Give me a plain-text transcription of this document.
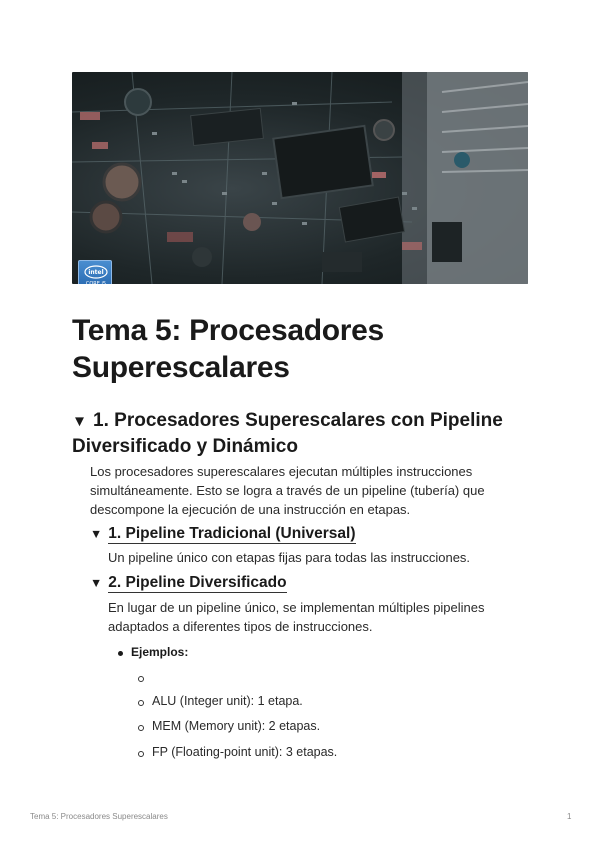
intel
CORE i5
inside
Tema 5: Procesadores
Superescalares
▼ 1. Procesadores Superescalares con Pipeline
Diversificado y Dinámico

Los procesadores superescalares ejecutan múltiples instrucciones
simultáneamente. Esto se logra a través de un pipeline (tubería) que
descompone la ejecución de una instrucción en etapas.

▼ 1. Pipeline Tradicional (Universal)

Un pipeline único con etapas fijas para todas las instrucciones.

▼ 2. Pipeline Diversificado

En lugar de un pipeline único, se implementan múltiples pipelines
adaptados a diferentes tipos de instrucciones.

Ejemplos:
ALU (Integer unit): 1 etapa.
MEM (Memory unit): 2 etapas.
FP (Floating-point unit): 3 etapas.
Tema 5: Procesadores Superescalares	1
